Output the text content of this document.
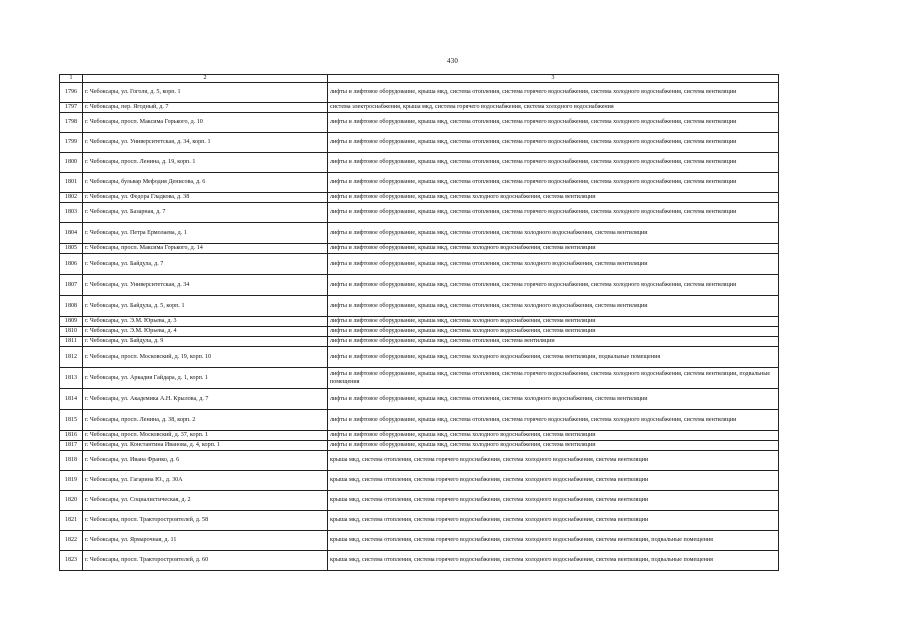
430
1	2	3
1796	г. Чебоксары, ул. Гоголя, д. 5, корп. 1	лифты и лифтовое оборудование, крыша мкд, система отопления, система горячего водоснабжения, система холодного водоснабжения, система вентиляции
1797	г. Чебоксары, пер. Ягодный, д. 7	система электроснабжения, крыша мкд, система горячего водоснабжения, система холодного водоснабжения
1798	г. Чебоксары, просп. Максима Горького, д. 10	лифты и лифтовое оборудование, крыша мкд, система отопления, система горячего водоснабжения, система холодного водоснабжения, система вентиляции
1799	г. Чебоксары, ул. Университетская, д. 34, корп. 1	лифты и лифтовое оборудование, крыша мкд, система отопления, система горячего водоснабжения, система холодного водоснабжения, система вентиляции
1800	г. Чебоксары, просп. Ленина, д. 19, корп. 1	лифты и лифтовое оборудование, крыша мкд, система отопления, система горячего водоснабжения, система холодного водоснабжения, система вентиляции
1801	г. Чебоксары, бульвар Мефодия Денисова, д. 6	лифты и лифтовое оборудование, крыша мкд, система отопления, система горячего водоснабжения, система холодного водоснабжения, система вентиляции
1802	г. Чебоксары, ул. Федора Гладкова, д. 38	лифты и лифтовое оборудование, крыша мкд, система холодного водоснабжения, система вентиляции
1803	г. Чебоксары, ул. Базарная, д. 7	лифты и лифтовое оборудование, крыша мкд, система отопления, система горячего водоснабжения, система холодного водоснабжения, система вентиляции
1804	г. Чебоксары, ул. Петра Ермолаева, д. 1	лифты и лифтовое оборудование, крыша мкд, система отопления, система холодного водоснабжения, система вентиляции
1805	г. Чебоксары, просп. Максима Горького, д. 14	лифты и лифтовое оборудование, крыша мкд, система холодного водоснабжения, система вентиляции
1806	г. Чебоксары, ул. Байдула, д. 7	лифты и лифтовое оборудование, крыша мкд, система отопления, система холодного водоснабжения, система вентиляции
1807	г. Чебоксары, ул. Университетская, д. 34	лифты и лифтовое оборудование, крыша мкд, система отопления, система горячего водоснабжения, система холодного водоснабжения, система вентиляции
1808	г. Чебоксары, ул. Байдула, д. 5, корп. 1	лифты и лифтовое оборудование, крыша мкд, система отопления, система холодного водоснабжения, система вентиляции
1809	г. Чебоксары, ул. Э.М. Юрьева, д. 3	лифты и лифтовое оборудование, крыша мкд, система холодного водоснабжения, система вентиляции
1810	г. Чебоксары, ул. Э.М. Юрьева, д. 4	лифты и лифтовое оборудование, крыша мкд, система холодного водоснабжения, система вентиляции
1811	г. Чебоксары, ул. Байдула, д. 9	лифты и лифтовое оборудование, крыша мкд, система отопления, система вентиляции
1812	г. Чебоксары, просп. Московский, д. 19, корп. 10	лифты и лифтовое оборудование, крыша мкд, система холодного водоснабжения, система вентиляции, подвальные помещения
1813	г. Чебоксары, ул. Аркадия Гайдара, д. 1, корп. 1	лифты и лифтовое оборудование, крыша мкд, система отопления, система горячего водоснабжения, система холодного водоснабжения, система вентиляции, подвальные помещения
1814	г. Чебоксары, ул. Академика А.Н. Крылова, д. 7	лифты и лифтовое оборудование, крыша мкд, система отопления, система холодного водоснабжения, система вентиляции
1815	г. Чебоксары, просп. Ленина, д. 38, корп. 2	лифты и лифтовое оборудование, крыша мкд, система отопления, система горячего водоснабжения, система холодного водоснабжения, система вентиляции
1816	г. Чебоксары, просп. Московский, д. 37, корп. 1	лифты и лифтовое оборудование, крыша мкд, система холодного водоснабжения, система вентиляции
1817	г. Чебоксары, ул. Константина Иванова, д. 4, корп. 1	лифты и лифтовое оборудование, крыша мкд, система холодного водоснабжения, система вентиляции
1818	г. Чебоксары, ул. Ивана Франко, д. 6	крыша мкд, система отопления, система горячего водоснабжения, система холодного водоснабжения, система вентиляции
1819	г. Чебоксары, ул. Гагарина Ю., д. 30А	крыша мкд, система отопления, система горячего водоснабжения, система холодного водоснабжения, система вентиляции
1820	г. Чебоксары, ул. Социалистическая, д. 2	крыша мкд, система отопления, система горячего водоснабжения, система холодного водоснабжения, система вентиляции
1821	г. Чебоксары, просп. Тракторостроителей, д. 58	крыша мкд, система отопления, система горячего водоснабжения, система холодного водоснабжения, система вентиляции
1822	г. Чебоксары, ул. Ярмарочная, д. 11	крыша мкд, система отопления, система горячего водоснабжения, система холодного водоснабжения, система вентиляции, подвальные помещения
1823	г. Чебоксары, просп. Тракторостроителей, д. 60	крыша мкд, система отопления, система горячего водоснабжения, система холодного водоснабжения, система вентиляции, подвальные помещения
